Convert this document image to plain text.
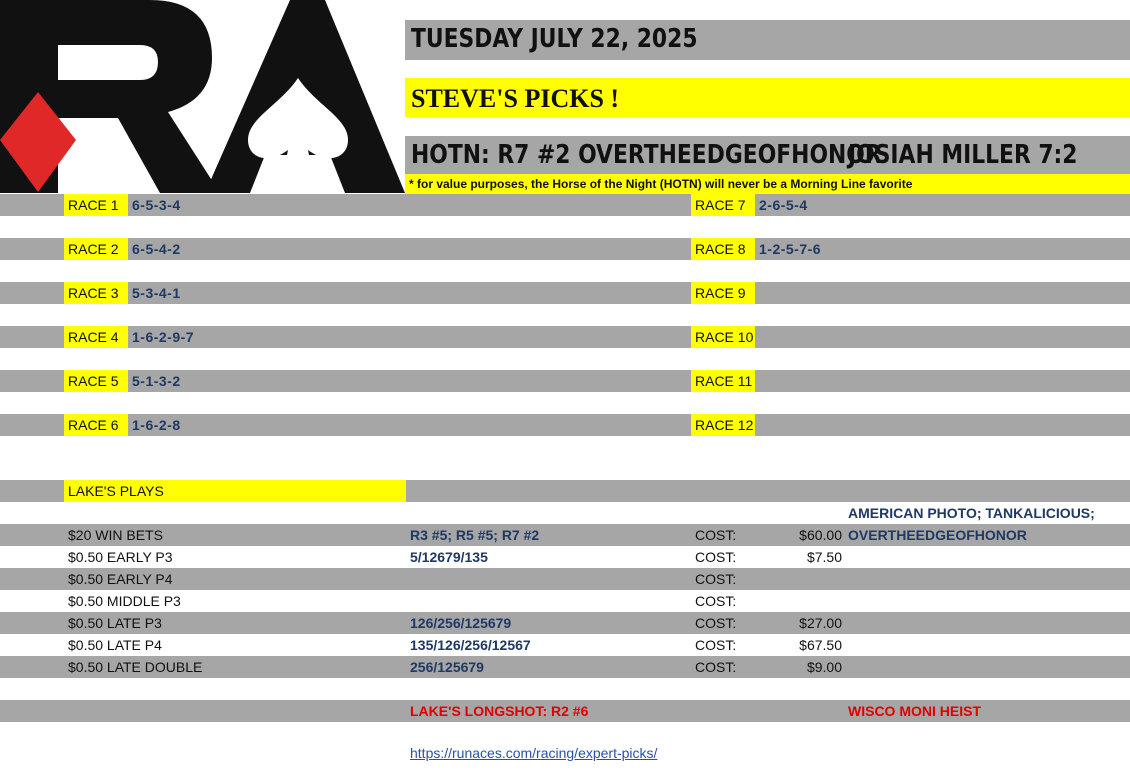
TUESDAY JULY 22, 2025
STEVE'S PICKS !
HOTN: R7 #2 OVERTHEEDGEOFHONOR
JOSIAH MILLER 7:2
* for value purposes, the Horse of the Night (HOTN) will never be a Morning Line favorite
RACE 1 6-5-3-4	RACE 7 2-6-5-4
RACE 2 6-5-4-2	RACE 8 1-2-5-7-6
RACE 3 5-3-4-1	RACE 9
RACE 4 1-6-2-9-7	RACE 10
RACE 5 5-1-3-2	RACE 11
RACE 6 1-6-2-8	RACE 12
LAKE'S PLAYS
AMERICAN PHOTO; TANKALICIOUS;
$20 WIN BETS	R3 #5; R5 #5; R7 #2	COST:	$60.00 OVERTHEEDGEOFHONOR
$0.50 EARLY P3	5/12679/135	COST:	$7.50
$0.50 EARLY P4	COST:
$0.50 MIDDLE P3	COST:
$0.50 LATE P3	126/256/125679	COST:	$27.00
$0.50 LATE P4	135/126/256/12567	COST:	$67.50
$0.50 LATE DOUBLE	256/125679	COST:	$9.00
LAKE'S LONGSHOT: R2 #6	WISCO MONI HEIST
https://runaces.com/racing/expert-picks/
